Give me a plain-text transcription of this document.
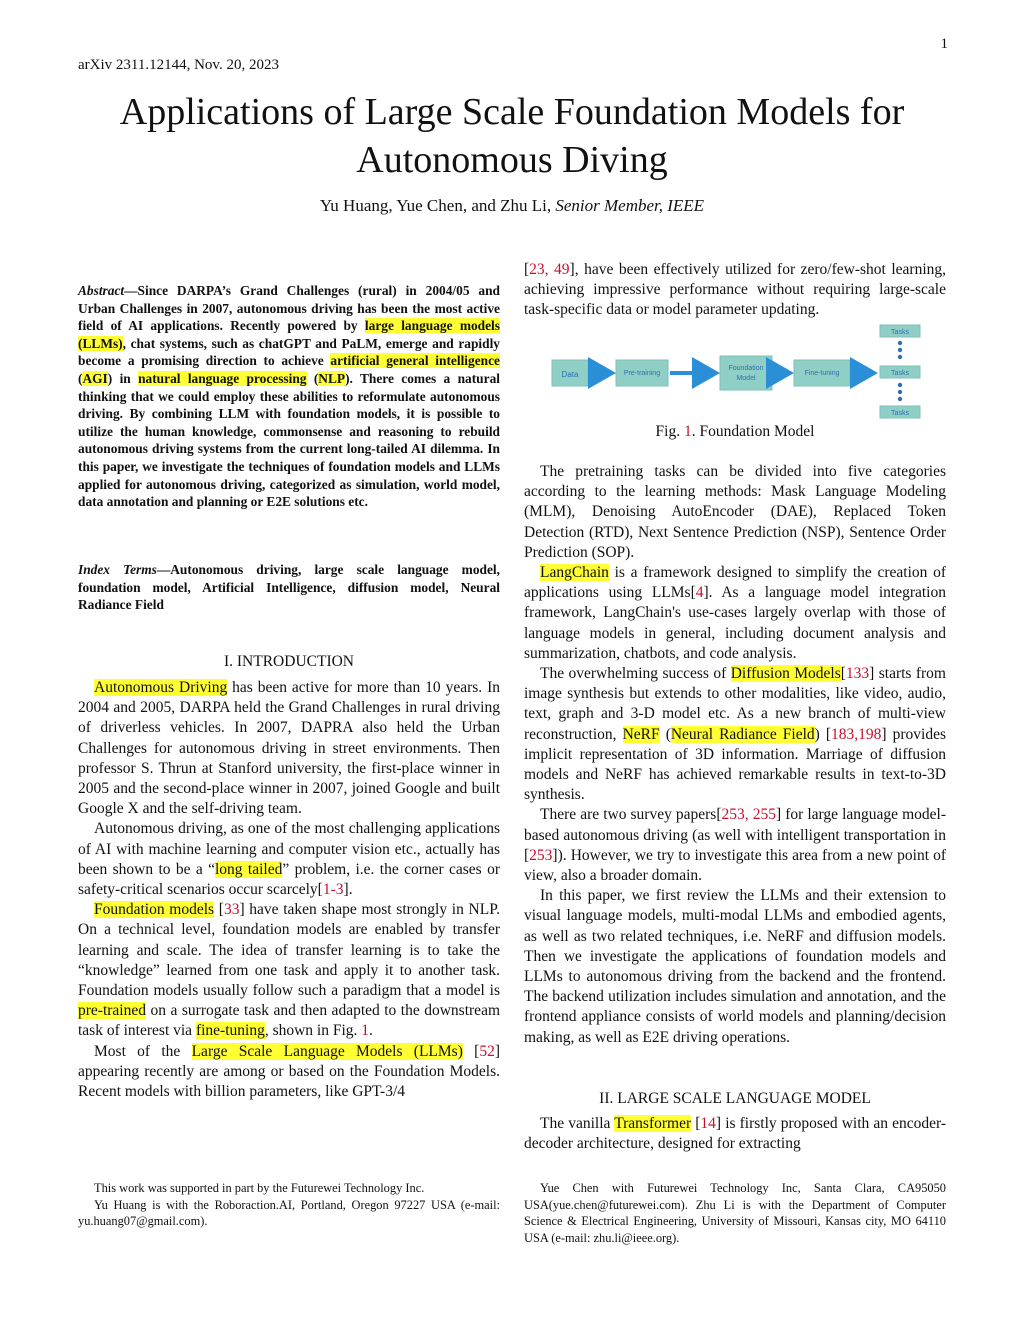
1
arXiv 2311.12144, Nov. 20, 2023
Applications of Large Scale Foundation Models for
Autonomous Diving
Yu Huang, Yue Chen, and Zhu Li, Senior Member, IEEE
Abstract—Since DARPA’s Grand Challenges (rural) in 2004/05 and Urban Challenges in 2007, autonomous driving has been the most active field of AI applications. Recently powered by large language models (LLMs), chat systems, such as chatGPT and PaLM, emerge and rapidly become a promising direction to achieve artificial general intelligence (AGI) in natural language processing (NLP). There comes a natural thinking that we could employ these abilities to reformulate autonomous driving. By combining LLM with foundation models, it is possible to utilize the human knowledge, commonsense and reasoning to rebuild autonomous driving systems from the current long-tailed AI dilemma. In this paper, we investigate the techniques of foundation models and LLMs applied for autonomous driving, categorized as simulation, world model, data annotation and planning or E2E solutions etc.
Index Terms—Autonomous driving, large scale language model, foundation model, Artificial Intelligence, diffusion model, Neural Radiance Field
I. INTRODUCTION

Autonomous Driving has been active for more than 10 years. In 2004 and 2005, DARPA held the Grand Challenges in rural driving of driverless vehicles. In 2007, DAPRA also held the Urban Challenges for autonomous driving in street environments. Then professor S. Thrun at Stanford university, the first-place winner in 2005 and the second-place winner in 2007, joined Google and built Google X and the self-driving team.

Autonomous driving, as one of the most challenging applications of AI with machine learning and computer vision etc., actually has been shown to be a “long tailed” problem, i.e. the corner cases or safety-critical scenarios occur scarcely[1-3].

Foundation models [33] have taken shape most strongly in NLP. On a technical level, foundation models are enabled by transfer learning and scale. The idea of transfer learning is to take the “knowledge” learned from one task and apply it to another task. Foundation models usually follow such a paradigm that a model is pre-trained on a surrogate task and then adapted to the downstream task of interest via fine-tuning, shown in Fig. 1.

Most of the Large Scale Language Models (LLMs) [52] appearing recently are among or based on the Foundation Models. Recent models with billion parameters, like GPT-3/4

[23, 49], have been effectively utilized for zero/few-shot learning, achieving impressive performance without requiring large-scale task-specific data or model parameter updating.

Data	Pre-training
Foundation
Model
Fine-tuning
Tasks
Tasks
Tasks
Fig. 1. Foundation Model

The pretraining tasks can be divided into five categories according to the learning methods: Mask Language Modeling (MLM), Denoising AutoEncoder (DAE), Replaced Token Detection (RTD), Next Sentence Prediction (NSP), Sentence Order Prediction (SOP).

LangChain is a framework designed to simplify the creation of applications using LLMs[4]. As a language model integration framework, LangChain's use-cases largely overlap with those of language models in general, including document analysis and summarization, chatbots, and code analysis.

The overwhelming success of Diffusion Models[133] starts from image synthesis but extends to other modalities, like video, audio, text, graph and 3-D model etc. As a new branch of multi-view reconstruction, NeRF (Neural Radiance Field) [183,198] provides implicit representation of 3D information. Marriage of diffusion models and NeRF has achieved remarkable results in text-to-3D synthesis.

There are two survey papers[253, 255] for large language model-based autonomous driving (as well with intelligent transportation in [253]). However, we try to investigate this area from a new point of view, also a broader domain.

In this paper, we first review the LLMs and their extension to visual language models, multi-modal LLMs and embodied agents, as well as two related techniques, i.e. NeRF and diffusion models. Then we investigate the applications of foundation models and LLMs to autonomous driving from the backend and the frontend. The backend utilization includes simulation and annotation, and the frontend appliance consists of world models and planning/decision making, as well as E2E driving operations.

II. LARGE SCALE LANGUAGE MODEL

The vanilla Transformer [14] is firstly proposed with an encoder-decoder architecture, designed for extracting

This work was supported in part by the Futurewei Technology Inc.
Yu Huang is with the Roboraction.AI, Portland, Oregon 97227 USA (e-mail: yu.huang07@gmail.com).
Yue Chen with Futurewei Technology Inc, Santa Clara, CA95050 USA(yue.chen@futurewei.com). Zhu Li is with the Department of Computer Science & Electrical Engineering, University of Missouri, Kansas city, MO 64110 USA (e-mail: zhu.li@ieee.org).
